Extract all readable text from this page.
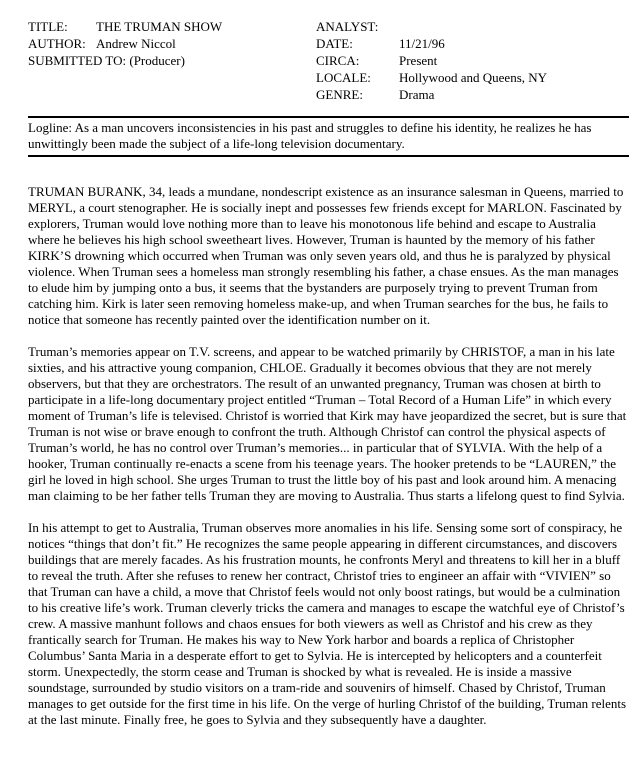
TITLE:	THE TRUMAN SHOW
AUTHOR: Andrew Niccol
SUBMITTED TO:
(Producer)
ANALYST:
DATE:	11/21/96
CIRCA:	Present
LOCALE:	Hollywood and Queens, NY
GENRE:	Drama
Logline: As a man uncovers inconsistencies in his past and struggles to define his identity, he realizes he has unwittingly been made the subject of a life-long television documentary.

TRUMAN BURANK, 34, leads a mundane, nondescript existence as an insurance salesman in Queens, married to MERYL, a court stenographer. He is socially inept and possesses few friends except for MARLON. Fascinated by explorers, Truman would love nothing more than to leave his monotonous life behind and escape to Australia where he believes his high school sweetheart lives. However, Truman is haunted by the memory of his father KIRK’S drowning which occurred when Truman was only seven years old, and thus he is paralyzed by physical violence. When Truman sees a homeless man strongly resembling his father, a chase ensues. As the man manages to elude him by jumping onto a bus, it seems that the bystanders are purposely trying to prevent Truman from catching him. Kirk is later seen removing homeless make-up, and when Truman searches for the bus, he fails to notice that someone has recently painted over the identification number on it.

Truman’s memories appear on T.V. screens, and appear to be watched primarily by CHRISTOF, a man in his late sixties, and his attractive young companion, CHLOE. Gradually it becomes obvious that they are not merely observers, but that they are orchestrators. The result of an unwanted pregnancy, Truman was chosen at birth to participate in a life-long documentary project entitled “Truman – Total Record of a Human Life” in which every moment of Truman’s life is televised. Christof is worried that Kirk may have jeopardized the secret, but is sure that Truman is not wise or brave enough to confront the truth. Although Christof can control the physical aspects of Truman’s world, he has no control over Truman’s memories... in particular that of SYLVIA. With the help of a hooker, Truman continually re-enacts a scene from his teenage years. The hooker pretends to be “LAUREN,” the girl he loved in high school. She urges Truman to trust the little boy of his past and look around him. A menacing man claiming to be her father tells Truman they are moving to Australia. Thus starts a lifelong quest to find Sylvia.

In his attempt to get to Australia, Truman observes more anomalies in his life. Sensing some sort of conspiracy, he notices “things that don’t fit.” He recognizes the same people appearing in different circumstances, and discovers buildings that are merely facades. As his frustration mounts, he confronts Meryl and threatens to kill her in a bluff to reveal the truth. After she refuses to renew her contract, Christof tries to engineer an affair with “VIVIEN” so that Truman can have a child, a move that Christof feels would not only boost ratings, but would be a culmination to his creative life’s work. Truman cleverly tricks the camera and manages to escape the watchful eye of Christof’s crew. A massive manhunt follows and chaos ensues for both viewers as well as Christof and his crew as they frantically search for Truman. He makes his way to New York harbor and boards a replica of Christopher Columbus’ Santa Maria in a desperate effort to get to Sylvia. He is intercepted by helicopters and a counterfeit storm. Unexpectedly, the storm cease and Truman is shocked by what is revealed. He is inside a massive soundstage, surrounded by studio visitors on a tram-ride and souvenirs of himself. Chased by Christof, Truman manages to get outside for the first time in his life. On the verge of hurling Christof of the building, Truman relents at the last minute. Finally free, he goes to Sylvia and they subsequently have a daughter.
